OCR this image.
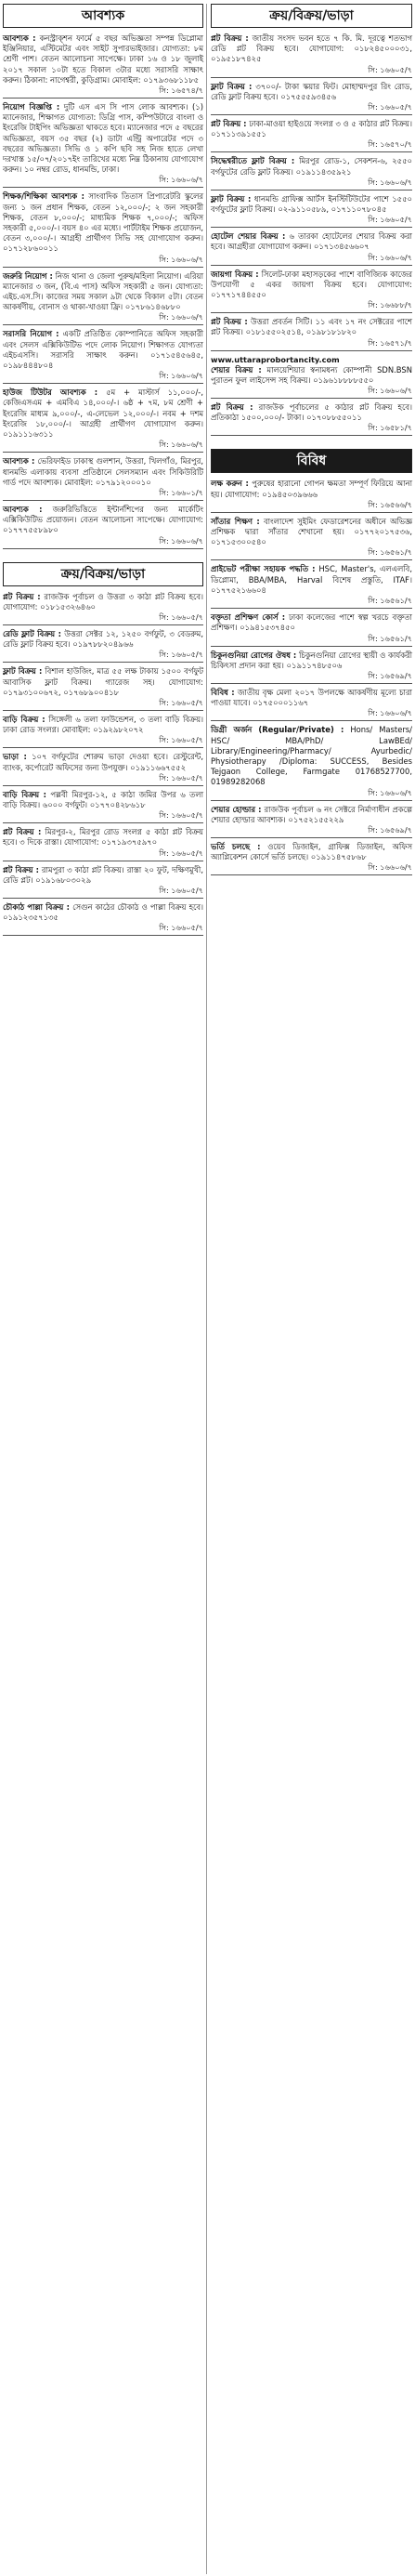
আবশ্যক

আবশ্যক : কনস্ট্রাক্শন ফার্মে ৫ বছর অভিজ্ঞতা সম্পন্ন ডিপ্লোমা ইঞ্জিনিয়ার, এস্টিমেটর এবং সাইট সুপারভাইজার। যোগ্যতা: ৮ম শ্রেণী পাশ। বেতন আলোচনা সাপেক্ষে। ঢাকা ১৬ ও ১৮ জুলাই ২০১৭ সকাল ১০টা হতে বিকাল ৩টার মধ্যে সরাসরি সাক্ষাৎ করুন। ঠিকানা: নাগেশ্বরী, কুড়িগ্রাম। মোবাইল: ০১৭৯৩৬৮১১৮৫

সি: ১৬৫৭৪/৭

নিয়োগ বিজ্ঞপ্তি : দুটি এস এস সি পাস লোক আবশ্যক। (১) ম্যানেজার, শিক্ষাগত যোগ্যতা: ডিগ্রি পাস, কম্পিউটারে বাংলা ও ইংরেজি টাইপিং অভিজ্ঞতা থাকতে হবে। ম্যানেজার পদে ৫ বছরের অভিজ্ঞতা, বয়স ৩৫ বছর (২) ডাটা এন্ট্রি অপারেটর পদে ৩ বছরের অভিজ্ঞতা। সিভি ও ১ কপি ছবি সহ নিজ হাতে লেখা দরখাস্ত ১৫/০৭/২০১৭ইং তারিখের মধ্যে নিম্ন ঠিকানায় যোগাযোগ করুন। ১০ নম্বর রোড, ধানমন্ডি, ঢাকা।

সি: ১৬৬০৬/৭

শিক্ষক/শিক্ষিকা আবশ্যক : সাংবাদিক তিতাস প্রিপারেটরি স্কুলের জন্য ১ জন প্রধান শিক্ষক, বেতন ১২,০০০/-; ২ জন সহকারী শিক্ষক, বেতন ৮,০০০/-; মাধ্যমিক শিক্ষক ৭,০০০/-; অফিস সহকারী ৫,০০০/-। বয়স ৪০ এর মধ্যে। পার্টটাইম শিক্ষক প্রয়োজন, বেতন ৩,০০০/-। আগ্রহী প্রার্থীগণ সিভি সহ যোগাযোগ করুন। ০১৭১২৮৬০০১১

সি: ১৬৬০৬/৭

জরুরি নিয়োগ : নিজ থানা ও জেলা পুরুষ/মহিলা নিয়োগ। এরিয়া ম্যানেজার ৩ জন, (বি.এ পাস) অফিস সহকারী ৫ জন। যোগ্যতা: এইচ.এস.সি। কাজের সময় সকাল ৯টা থেকে বিকাল ৫টা। বেতন আকর্ষণীয়, বোনাস ও থাকা-খাওয়া ফ্রি। ০১৭৮৬১৪৬৮৮০

সি: ১৬৬০৬/৭

সরাসরি নিয়োগ : একটি প্রতিষ্ঠিত কোম্পানিতে অফিস সহকারী এবং সেলস এক্সিকিউটিভ পদে লোক নিয়োগ। শিক্ষাগত যোগ্যতা এইচএসসি। সরাসরি সাক্ষাৎ করুন। ০১৭১৫৪৫৬৪৫, ০১৯৮৪৪৪৮০৪

সি: ১৬৬০৬/৭

হাউজ টিউটর আবশ্যক : ৫ম + মাস্টার্স ১১,০০০/-, কেজিএসএম + এমবিএ ১৪,০০০/-। ৬ষ্ঠ + ৭ম, ৮ম শ্রেণী + ইংরেজি মাধ্যম ৯,০০০/-, এ-লেভেল ১২,০০০/-। নবম + দশম ইংরেজি ১৮,০০০/-। আগ্রহী প্রার্থীগণ যোগাযোগ করুন। ০১৯১১১৬৩১১

সি: ১৬৬০৬/৭

আবশ্যক : ভেরিফাইড ঢাকাস্থ গুলশান, উত্তরা, খিলগাঁও, মিরপুর, ধানমন্ডি এলাকায় ব্যবসা প্রতিষ্ঠানে সেলসম্যান এবং সিকিউরিটি গার্ড পদে আবশ্যক। মোবাইল: ০১৭৯১২০০০১০

সি: ১৬৬০১/৭

আবশ্যক : জরুরিভিত্তিতে ইন্টার্নশিপের জন্য মার্কেটিং এক্সিকিউটিভ প্রয়োজন। বেতন আলোচনা সাপেক্ষে। যোগাযোগ: ০১৭৭৭৫৫৮৯৮০

সি: ১৬৬০৬/৭
ক্রয়/বিক্রয়/ভাড়া

প্লট বিক্রয় : রাজউক পূর্বাচল ও উত্তরা ৩ কাঠা প্লট বিক্রয় হবে। যোগাযোগ: ০১৮১৫৩২৬৪৬০

সি: ১৬৬০৫/৭

রেডি ফ্লাট বিক্রয় : উত্তরা সেক্টর ১২, ১২৫০ বর্গফুট, ৩ বেডরুম, রেডি ফ্লাট বিক্রয় হবে। ০১৯৭৮৮২০৪৯৬৬

সি: ১৬৬০৫/৭

ফ্লাট বিক্রয় : বিশাল হাউজিং, মাত্র ৫৫ লক্ষ টাকায় ১৫০০ বর্গফুট আবাসিক ফ্লাট বিক্রয়। গ্যারেজ সহ। যোগাযোগ: ০১৭৯৩১০০৬৭২, ০১৭৬৮৯০০৪১৮

সি: ১৬৬০৫/৭

বাড়ি বিক্রয় : সিঙ্গেলী ৬ তলা ফাউন্ডেশন, ৩ তলা বাড়ি বিক্রয়। ঢাকা রোড সংলগ্ন। মোবাইল: ০১৯২৯৮২০৭২

সি: ১৬৬০৫/৭

ভাড়া : ১০৭ বর্গফুটের শোরুম ভাড়া দেওয়া হবে। রেস্টুরেন্ট, ব্যাংক, কর্পোরেট অফিসের জন্য উপযুক্ত। ০১৯১১৬৬৭৫৫২

সি: ১৬৬০৫/৭

বাড়ি বিক্রয় : পল্লবী মিরপুর-১২, ৫ কাঠা জমির উপর ৬ তলা বাড়ি বিক্রয়। ৬০০০ বর্গফুট। ০১৭৭০৪২৮৬১৮

সি: ১৬৬০৫/৭

প্লট বিক্রয় : মিরপুর-২, মিরপুর রোড সংলগ্ন ৫ কাঠা প্লট বিক্রয় হবে। ৩ দিকে রাস্তা। যোগাযোগ: ০১৭১৯৩৭৫৯৭০

সি: ১৬৬০৫/৭

প্লট বিক্রয় : রামপুরা ৩ কাঠা প্লট বিক্রয়। রাস্তা ২০ ফুট, দক্ষিণমুখী, রেডি প্লট। ০১৯১৬৮০৩০২৯

সি: ১৬৬০৫/৭

চৌকাঠ পাল্লা বিক্রয় : সেগুন কাঠের চৌকাঠ ও পাল্লা বিক্রয় হবে। ০১৯১২৩৫৭১৩৫

সি: ১৬৬০৫/৭
ক্রয়/বিক্রয়/ভাড়া

প্লট বিক্রয় : জাতীয় সংসদ ভবন হতে ৭ কি. মি. দূরত্বে শতভাগ রেডি প্লট বিক্রয় হবে। যোগাযোগ: ০১৮২৪৫০০০৩১, ০১৯৫১৮৭৪২৫

সি: ১৬৬০৫/৭

ফ্লাট বিক্রয় : ৩৭০০/- টাকা স্কয়ার ফিট। মোহাম্মদপুর রিং রোড, রেডি ফ্লাট বিক্রয় হবে। ০১৭৫৫৫৯৩৪৫৬

সি: ১৬৬০৫/৭

প্লট বিক্রয় : ঢাকা-মাওয়া হাইওয়ে সংলগ্ন ৩ ও ৫ কাঠার প্লট বিক্রয়। ০১৭১১৩৯১৫৫১

সি: ১৬৫৭০/৭

সিদ্ধেশ্বরীতে ফ্লাট বিক্রয় : মিরপুর রোড-১, সেকশন-৬, ২৫৫০ বর্গফুটের রেডি ফ্লাট বিক্রয়। ০১৯১১৪৩৫৯২১

সি: ১৬৬০৬/৭

ফ্লাট বিক্রয় : ধানমন্ডি গ্রাফিক্স আর্টস ইনস্টিটিউটের পাশে ১৫৫০ বর্গফুটের ফ্লাট বিক্রয়। ০২-৯১১০৫৮৯, ০১৭১১০৭৮০৪৫

সি: ১৬৬০৫/৭

হোটেল শেয়ার বিক্রয় : ৬ তারকা হোটেলের শেয়ার বিক্রয় করা হবে। আগ্রহীরা যোগাযোগ করুন। ০১৭১৩৪৫৬৬০৭

সি: ১৬৬০৬/৭

জায়গা বিক্রয় : সিলেট-ঢাকা মহাসড়কের পাশে বাণিজ্যিক কাজের উপযোগী ৫ একর জায়গা বিক্রয় হবে। যোগাযোগ: ০১৭৭১৭৪৪৫৫০

সি: ১৬৬৮৮/৭

প্লট বিক্রয় : উত্তরা প্রবর্তন সিটি। ১১ এবং ১৭ নং সেক্টরের পাশে প্লট বিক্রয়। ০১৮১৫৫০২৫১৪, ০১৯৮১৮১৮২০

সি: ১৬৫৭১/৭
www.uttaraprobortancity.com

শেয়ার বিক্রয় : মালয়েশিয়ার স্বনামধন্য কোম্পানী SDN.BSN পুরাতন ফুল লাইসেন্স সহ বিক্রয়। ০১৯৬১৮৮৮৮৫৫০

সি: ১৬৬০৬/৭

প্লট বিক্রয় : রাজউক পূর্বাচলের ৫ কাঠার প্লট বিক্রয় হবে। প্রতিকাঠা ১৫০০,০০০/- টাকা। ০১৭০৮৮৫৫০১১

সি: ১৬৫৮১/৭
বিবিধ

লক্ষ করুন : পুরুষের হারানো গোপন ক্ষমতা সম্পূর্ণ ফিরিয়ে আনা হয়। যোগাযোগ: ০১৯৪৫০৩৯৬৬৬

সি: ১৬৫৬৬/৭

সাঁতার শিক্ষণ : বাংলাদেশ সুইমিং ফেডারেশনের অধীনে অভিজ্ঞ প্রশিক্ষক দ্বারা সাঁতার শেখানো হয়। ০১৭৭২০১৭৫৩৬, ০১৭১৫৩০০৫৪০

সি: ১৬৫৬১/৭

প্রাইভেট পরীক্ষা সহায়ক পদ্ধতি : HSC, Master's, এলএলবি, ডিপ্লোমা, BBA/MBA, Harval বিশেষ প্রস্তুতি, ITAF। ০১৭৭৫২১৬৬০৪

সি: ১৬৫৬১/৭

বক্তৃতা প্রশিক্ষণ কোর্স : ঢাকা কলেজের পাশে স্বল্প খরচে বক্তৃতা প্রশিক্ষণ। ০১৯৪১৫৩৭৪৫০

সি: ১৬৫৬১/৭

চিকুনগুনিয়া রোগের ঔষধ : চিকুনগুনিয়া রোগের স্থায়ী ও কার্যকরী চিকিৎসা প্রদান করা হয়। ০১৯১১৭৪৮৫০৬

সি: ১৬৫৬৯/৭

বিবিধ : জাতীয় বৃক্ষ মেলা ২০১৭ উপলক্ষে আকর্ষণীয় মূল্যে চারা পাওয়া যাবে। ০১৭৫০০০১১৬৭

সি: ১৬৬০৬/৭

ডিগ্রী অর্জন (Regular/Private) : Hons/ Masters/ HSC/ MBA/PhD/ LawBEd/ Library/Engineering/Pharmacy/ Ayurbedic/ Physiotherapy /Diploma: SUCCESS, Besides Tejgaon College, Farmgate 01768527700, 01989282068

সি: ১৬৬০৬/৭

শেয়ার হোল্ডার : রাজউক পূর্বাচল ৬ নং সেক্টরে নির্মাণাধীন প্রকল্পে শেয়ার হোল্ডার আবশ্যক। ০১৭৫২১৫৫২২৯

সি: ১৬৫৬৯/৭

ভর্তি চলছে : ওয়েব ডিজাইন, গ্রাফিক্স ডিজাইন, অফিস অ্যাপ্লিকেশন কোর্সে ভর্তি চলছে। ০১৯১১৪৭৫৮৬৮

সি: ১৬৬০৬/৭
